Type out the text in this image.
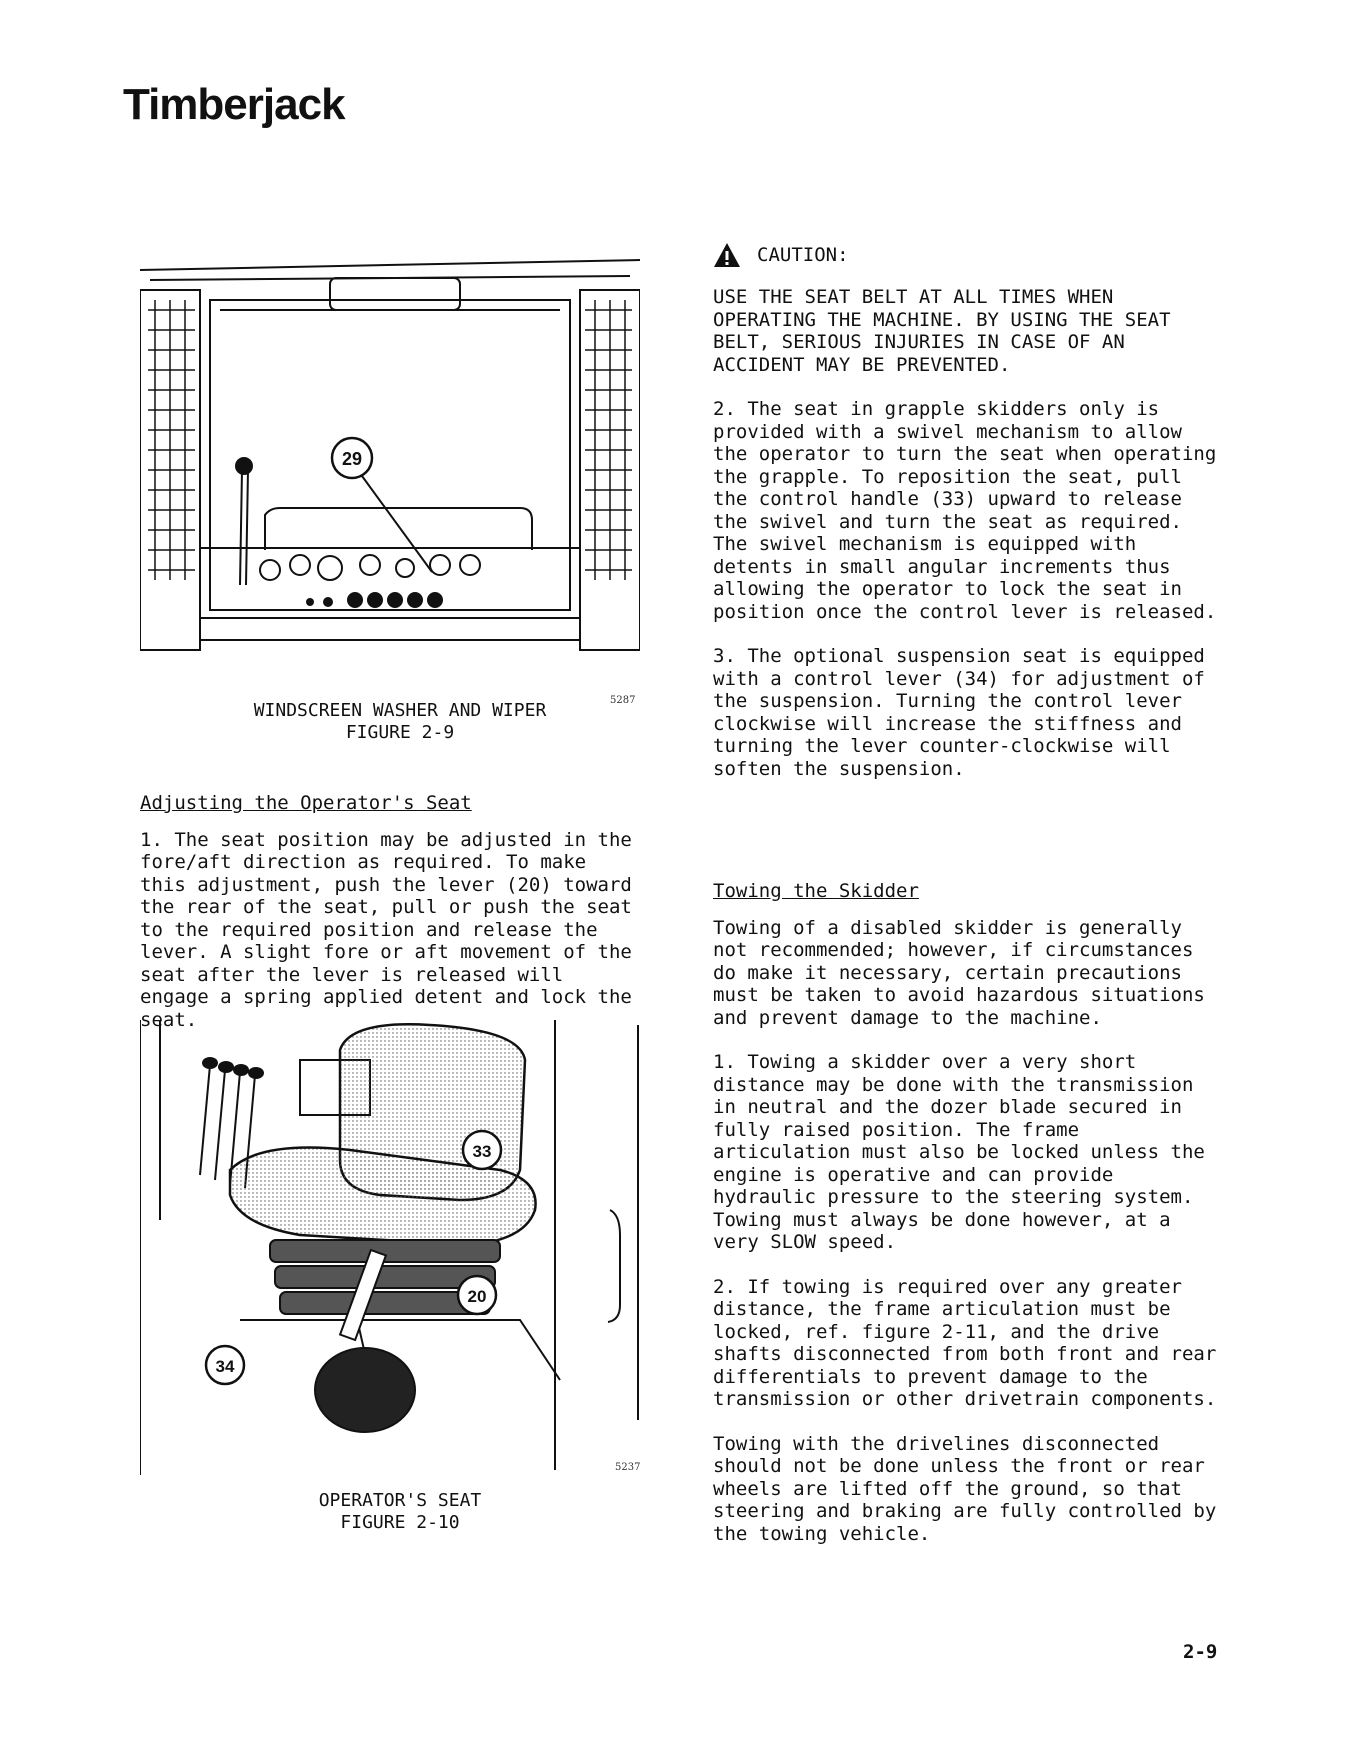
Timberjack
29
5287
WINDSCREEN WASHER AND WIPER
FIGURE 2-9

Adjusting the Operator's Seat

1. The seat position may be adjusted in the fore/aft direction as required. To make this adjustment, push the lever (20) toward the rear of the seat, pull or push the seat to the required position and release the lever. A slight fore or aft movement of the seat after the lever is released will engage a spring applied detent and lock the seat.

33
20
34
5237
OPERATOR'S SEAT
FIGURE 2-10
CAUTION:

USE THE SEAT BELT AT ALL TIMES WHEN OPERATING THE MACHINE. BY USING THE SEAT BELT, SERIOUS INJURIES IN CASE OF AN ACCIDENT MAY BE PREVENTED.

2. The seat in grapple skidders only is provided with a swivel mechanism to allow the operator to turn the seat when operating the grapple. To reposition the seat, pull the control handle (33) upward to release the swivel and turn the seat as required. The swivel mechanism is equipped with detents in small angular increments thus allowing the operator to lock the seat in position once the control lever is released.

3. The optional suspension seat is equipped with a control lever (34) for adjustment of the suspension. Turning the control lever clockwise will increase the stiffness and turning the lever counter-clockwise will soften the suspension.

Towing the Skidder

Towing of a disabled skidder is generally not recommended; however, if circumstances do make it necessary, certain precautions must be taken to avoid hazardous situations and prevent damage to the machine.

1. Towing a skidder over a very short distance may be done with the transmission in neutral and the dozer blade secured in fully raised position. The frame articulation must also be locked unless the engine is operative and can provide hydraulic pressure to the steering system. Towing must always be done however, at a very SLOW speed.

2. If towing is required over any greater distance, the frame articulation must be locked, ref. figure 2-11, and the drive shafts disconnected from both front and rear differentials to prevent damage to the transmission or other drivetrain components.

Towing with the drivelines disconnected should not be done unless the front or rear wheels are lifted off the ground, so that steering and braking are fully controlled by the towing vehicle.

2-9
